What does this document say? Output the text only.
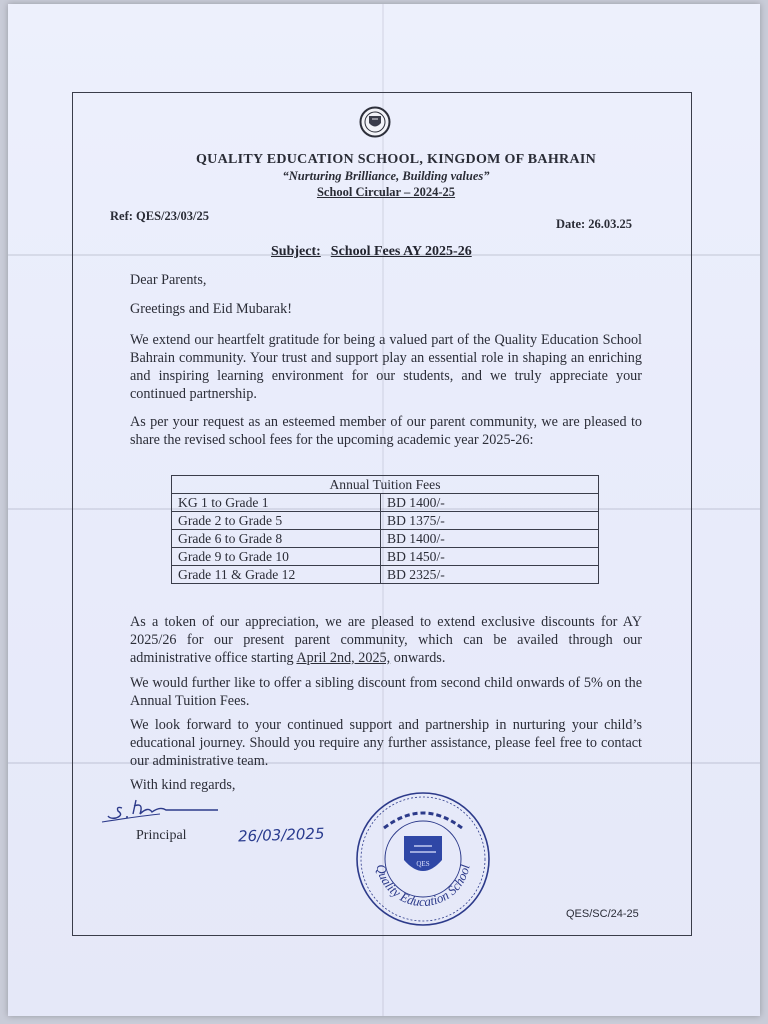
QUALITY EDUCATION SCHOOL, KINGDOM OF BAHRAIN
“Nurturing Brilliance, Building values”
School Circular – 2024-25
Ref: QES/23/03/25
Date: 26.03.25
Subject: School Fees AY 2025-26
Dear Parents,
Greetings and Eid Mubarak!
We extend our heartfelt gratitude for being a valued part of the Quality Education School Bahrain community. Your trust and support play an essential role in shaping an enriching and inspiring learning environment for our students, and we truly appreciate your continued partnership.
As per your request as an esteemed member of our parent community, we are pleased to share the revised school fees for the upcoming academic year 2025-26:
Annual Tuition Fees	
KG 1 to Grade 1	BD 1400/-
Grade 2 to Grade 5	BD 1375/-
Grade 6 to Grade 8	BD 1400/-
Grade 9 to Grade 10	BD 1450/-
Grade 11 & Grade 12	BD 2325/-
As a token of our appreciation, we are pleased to extend exclusive discounts for AY 2025/26 for our present parent community, which can be availed through our administrative office starting April 2nd, 2025, onwards.
We would further like to offer a sibling discount from second child onwards of 5% on the Annual Tuition Fees.
We look forward to your continued support and partnership in nurturing your child’s educational journey. Should you require any further assistance, please feel free to contact our administrative team.
With kind regards,
Principal	26/03/2025
QES
Quality Education School
QES/SC/24-25
